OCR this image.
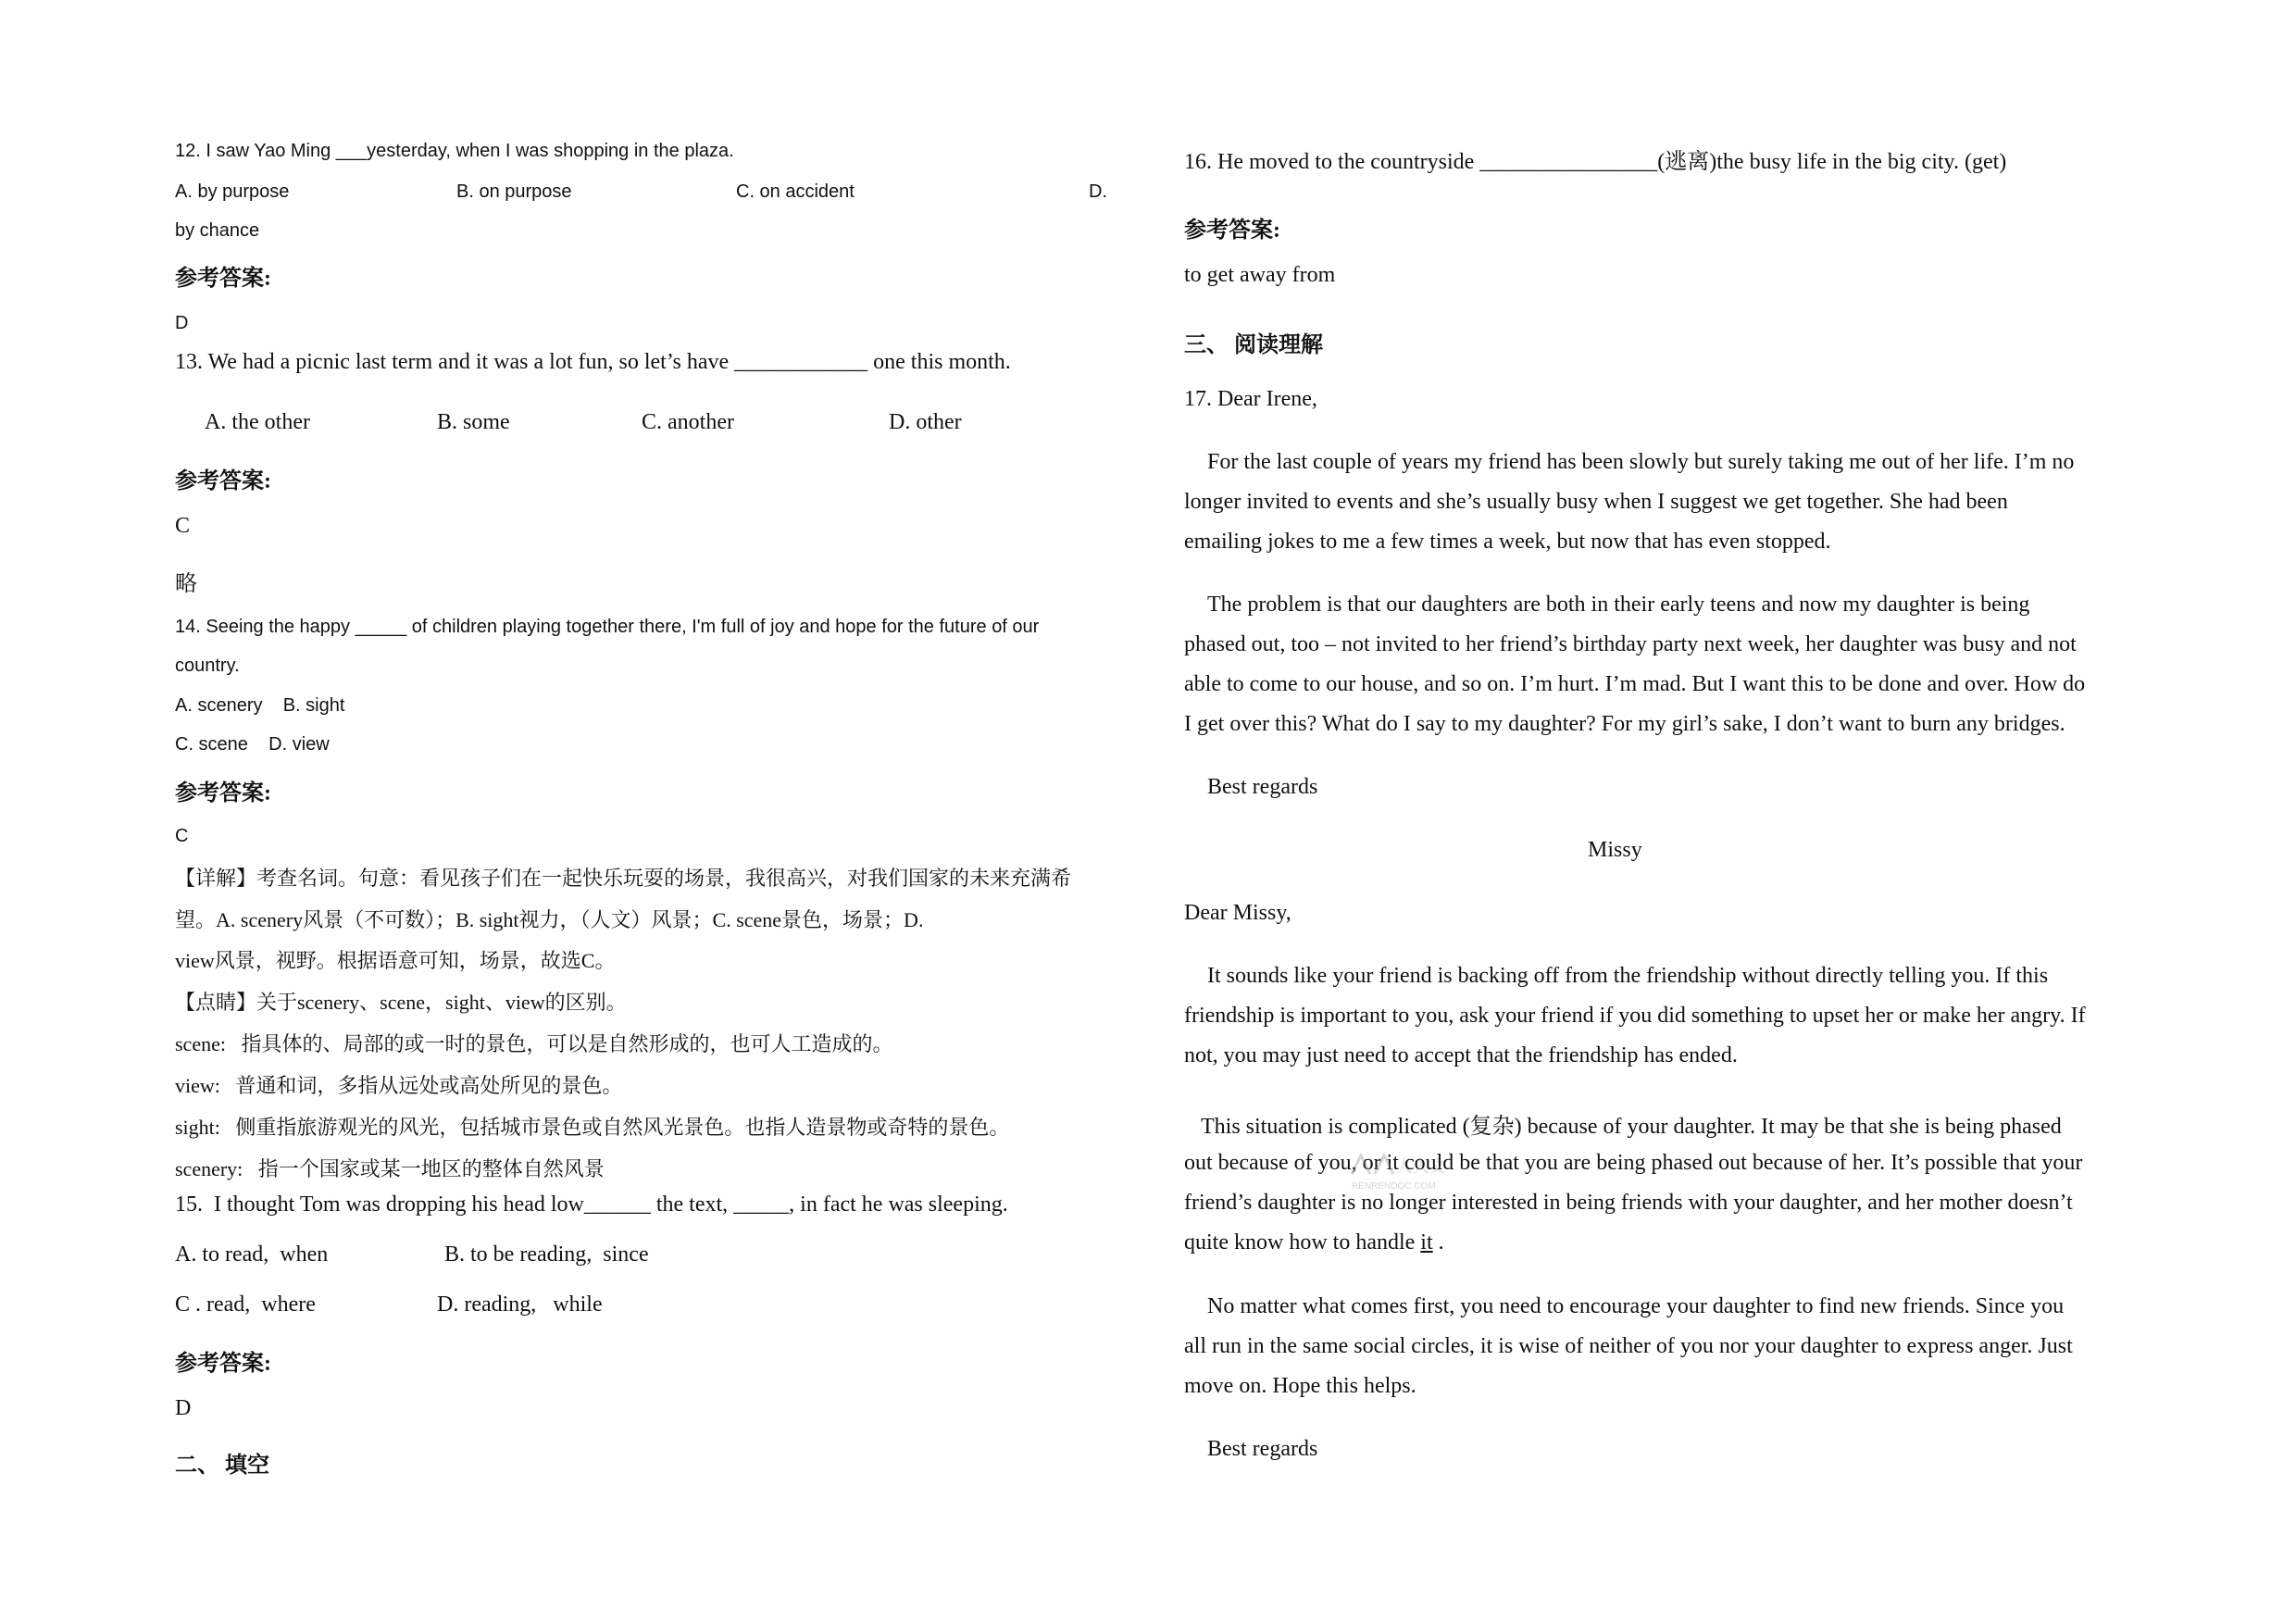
12. I saw Yao Ming ___yesterday, when I was shopping in the plaza.
A. by purpose	B. on purpose	C. on accident	D.
by chance
参考答案:
D
13. We had a picnic last term and it was a lot fun, so let’s have ____________ one this month.
A. the other	B. some	C. another	D. other
参考答案:
C
略
14. Seeing the happy _____ of children playing together there, I'm full of joy and hope for the future of our
country.
A. scenery    B. sight
C. scene    D. view
参考答案:
C
【详解】考查名词。句意：看见孩子们在一起快乐玩耍的场景，我很高兴，对我们国家的未来充满希
望。A. scenery风景（不可数）；B. sight视力，（人文）风景；C. scene景色，场景；D.
view风景，视野。根据语意可知，场景，故选C。
【点睛】关于scenery、scene，sight、view的区别。
scene:   指具体的、局部的或一时的景色，可以是自然形成的，也可人工造成的。
view:   普通和词，多指从远处或高处所见的景色。
sight:   侧重指旅游观光的风光，包括城市景色或自然风光景色。也指人造景物或奇特的景色。
scenery:   指一个国家或某一地区的整体自然风景
15.  I thought Tom was dropping his head low______ the text, _____, in fact he was sleeping.
A. to read,  when	B. to be reading,  since
C . read,  where	D. reading,   while
参考答案:
D
二、 填空
16. He moved to the countryside ________________(逃离)the busy life in the big city. (get)
参考答案:
to get away from
三、 阅读理解
17. Dear Irene,
For the last couple of years my friend has been slowly but surely taking me out of her life. I’m no
longer invited to events and she’s usually busy when I suggest we get together. She had been
emailing jokes to me a few times a week, but now that has even stopped.
The problem is that our daughters are both in their early teens and now my daughter is being
phased out, too – not invited to her friend’s birthday party next week, her daughter was busy and not
able to come to our house, and so on. I’m hurt. I’m mad. But I want this to be done and over. How do
I get over this? What do I say to my daughter? For my girl’s sake, I don’t want to burn any bridges.
Best regards
Missy
Dear Missy,
It sounds like your friend is backing off from the friendship without directly telling you. If this
friendship is important to you, ask your friend if you did something to upset her or make her angry. If
not, you may just need to accept that the friendship has ended.
This situation is complicated (复杂) because of your daughter. It may be that she is being phased
out because of you, or it could be that you are being phased out because of her. It’s possible that your
friend’s daughter is no longer interested in being friends with your daughter, and her mother doesn’t
quite know how to handle it .
No matter what comes first, you need to encourage your daughter to find new friends. Since you
all run in the same social circles, it is wise of neither of you nor your daughter to express anger. Just
move on. Hope this helps.
Best regards
人人文
RENRENDOC.COM
